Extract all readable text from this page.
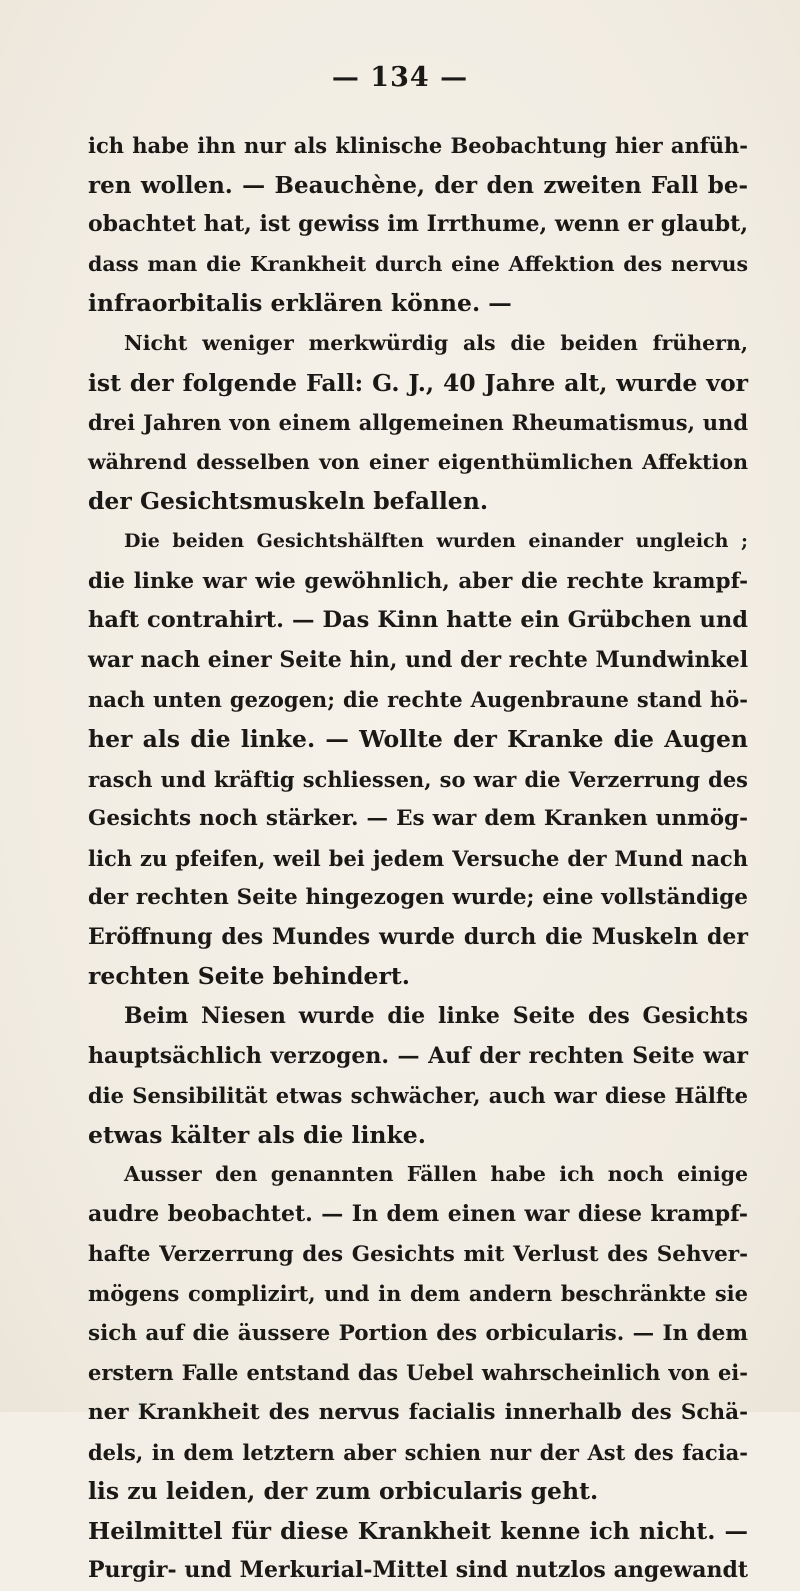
— 134 —
ich habe ihn nur als klinische Beobachtung hier anfüh-
ren wollen. — Beauchène, der den zweiten Fall be-
obachtet hat, ist gewiss im Irrthume, wenn er glaubt,
dass man die Krankheit durch eine Affektion des nervus
infraorbitalis erklären könne. —
Nicht weniger merkwürdig als die beiden frühern,
ist der folgende Fall: G. J., 40 Jahre alt, wurde vor
drei Jahren von einem allgemeinen Rheumatismus, und
während desselben von einer eigenthümlichen Affektion
der Gesichtsmuskeln befallen.
Die beiden Gesichtshälften wurden einander ungleich ;
die linke war wie gewöhnlich, aber die rechte krampf-
haft contrahirt. — Das Kinn hatte ein Grübchen und
war nach einer Seite hin, und der rechte Mundwinkel
nach unten gezogen; die rechte Augenbraune stand hö-
her als die linke. — Wollte der Kranke die Augen
rasch und kräftig schliessen, so war die Verzerrung des
Gesichts noch stärker. — Es war dem Kranken unmög-
lich zu pfeifen, weil bei jedem Versuche der Mund nach
der rechten Seite hingezogen wurde; eine vollständige
Eröffnung des Mundes wurde durch die Muskeln der
rechten Seite behindert.
Beim Niesen wurde die linke Seite des Gesichts
hauptsächlich verzogen. — Auf der rechten Seite war
die Sensibilität etwas schwächer, auch war diese Hälfte
etwas kälter als die linke.
Ausser den genannten Fällen habe ich noch einige
audre beobachtet. — In dem einen war diese krampf-
hafte Verzerrung des Gesichts mit Verlust des Sehver-
mögens complizirt, und in dem andern beschränkte sie
sich auf die äussere Portion des orbicularis. — In dem
erstern Falle entstand das Uebel wahrscheinlich von ei-
ner Krankheit des nervus facialis innerhalb des Schä-
dels, in dem letztern aber schien nur der Ast des facia-
lis zu leiden, der zum orbicularis geht.
Heilmittel für diese Krankheit kenne ich nicht. —
Purgir- und Merkurial-Mittel sind nutzlos angewandt
